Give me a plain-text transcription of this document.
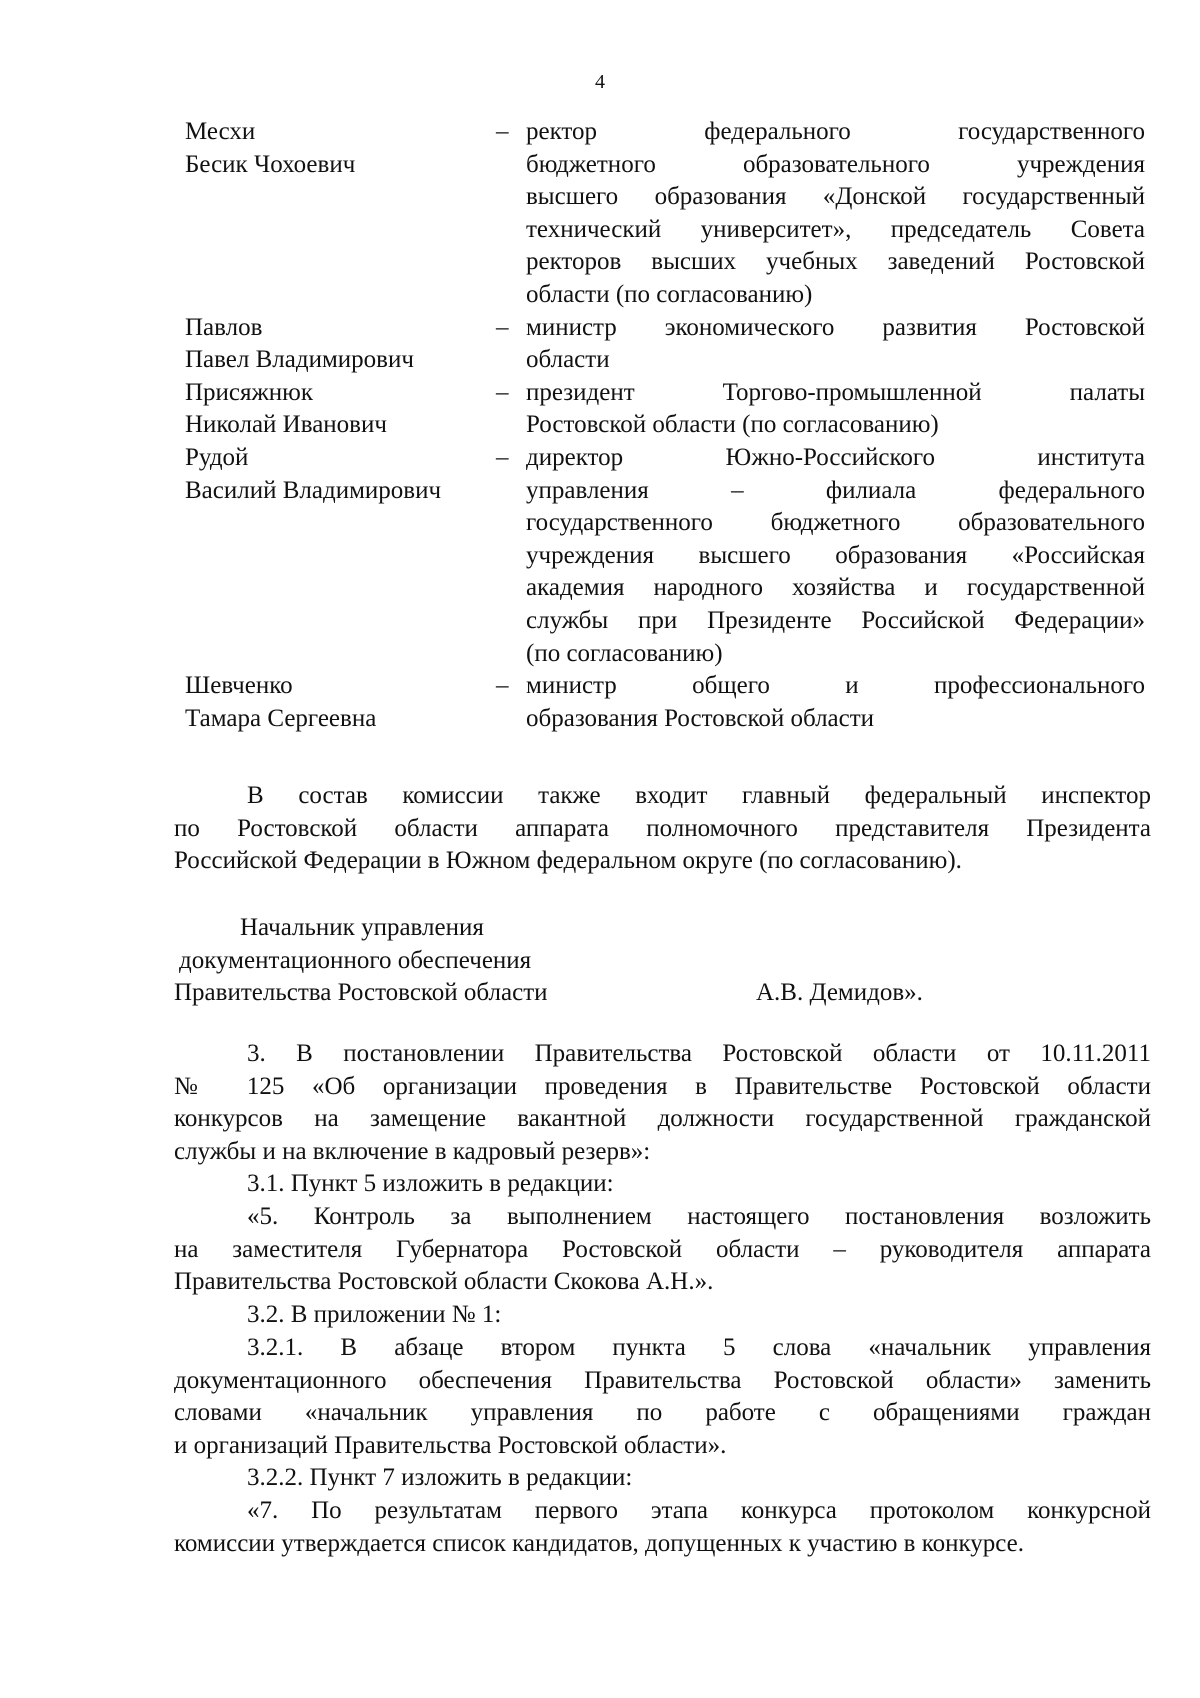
4
Месхи
Бесик Чохоевич
– ректор федерального государственного
бюджетного образовательного учреждения
высшего образования «Донской государственный
технический университет», председатель Совета
ректоров высших учебных заведений Ростовской
области (по согласованию)
Павлов
Павел Владимирович
– министр экономического развития Ростовской
области
Присяжнюк
Николай Иванович
– президент Торгово-промышленной палаты
Ростовской области (по согласованию)
Рудой
Василий Владимирович
– директор Южно-Российского института
управления – филиала федерального
государственного бюджетного образовательного
учреждения высшего образования «Российская
академия народного хозяйства и государственной
службы при Президенте Российской Федерации»
(по согласованию)
Шевченко
Тамара Сергеевна
– министр общего и профессионального
образования Ростовской области
В состав комиссии также входит главный федеральный инспектор
по Ростовской области аппарата полномочного представителя Президента
Российской Федерации в Южном федеральном округе (по согласованию).
Начальник управления
документационного обеспечения
Правительства Ростовской области	А.В. Демидов».
3. В постановлении Правительства Ростовской области от 10.11.2011
№ 125 «Об организации проведения в Правительстве Ростовской области
конкурсов на замещение вакантной должности государственной гражданской
службы и на включение в кадровый резерв»:
3.1. Пункт 5 изложить в редакции:
«5. Контроль за выполнением настоящего постановления возложить
на заместителя Губернатора Ростовской области – руководителя аппарата
Правительства Ростовской области Скокова А.Н.».
3.2. В приложении № 1:
3.2.1. В абзаце втором пункта 5 слова «начальник управления
документационного обеспечения Правительства Ростовской области» заменить
словами «начальник управления по работе с обращениями граждан
и организаций Правительства Ростовской области».
3.2.2. Пункт 7 изложить в редакции:
«7. По результатам первого этапа конкурса протоколом конкурсной
комиссии утверждается список кандидатов, допущенных к участию в конкурсе.
